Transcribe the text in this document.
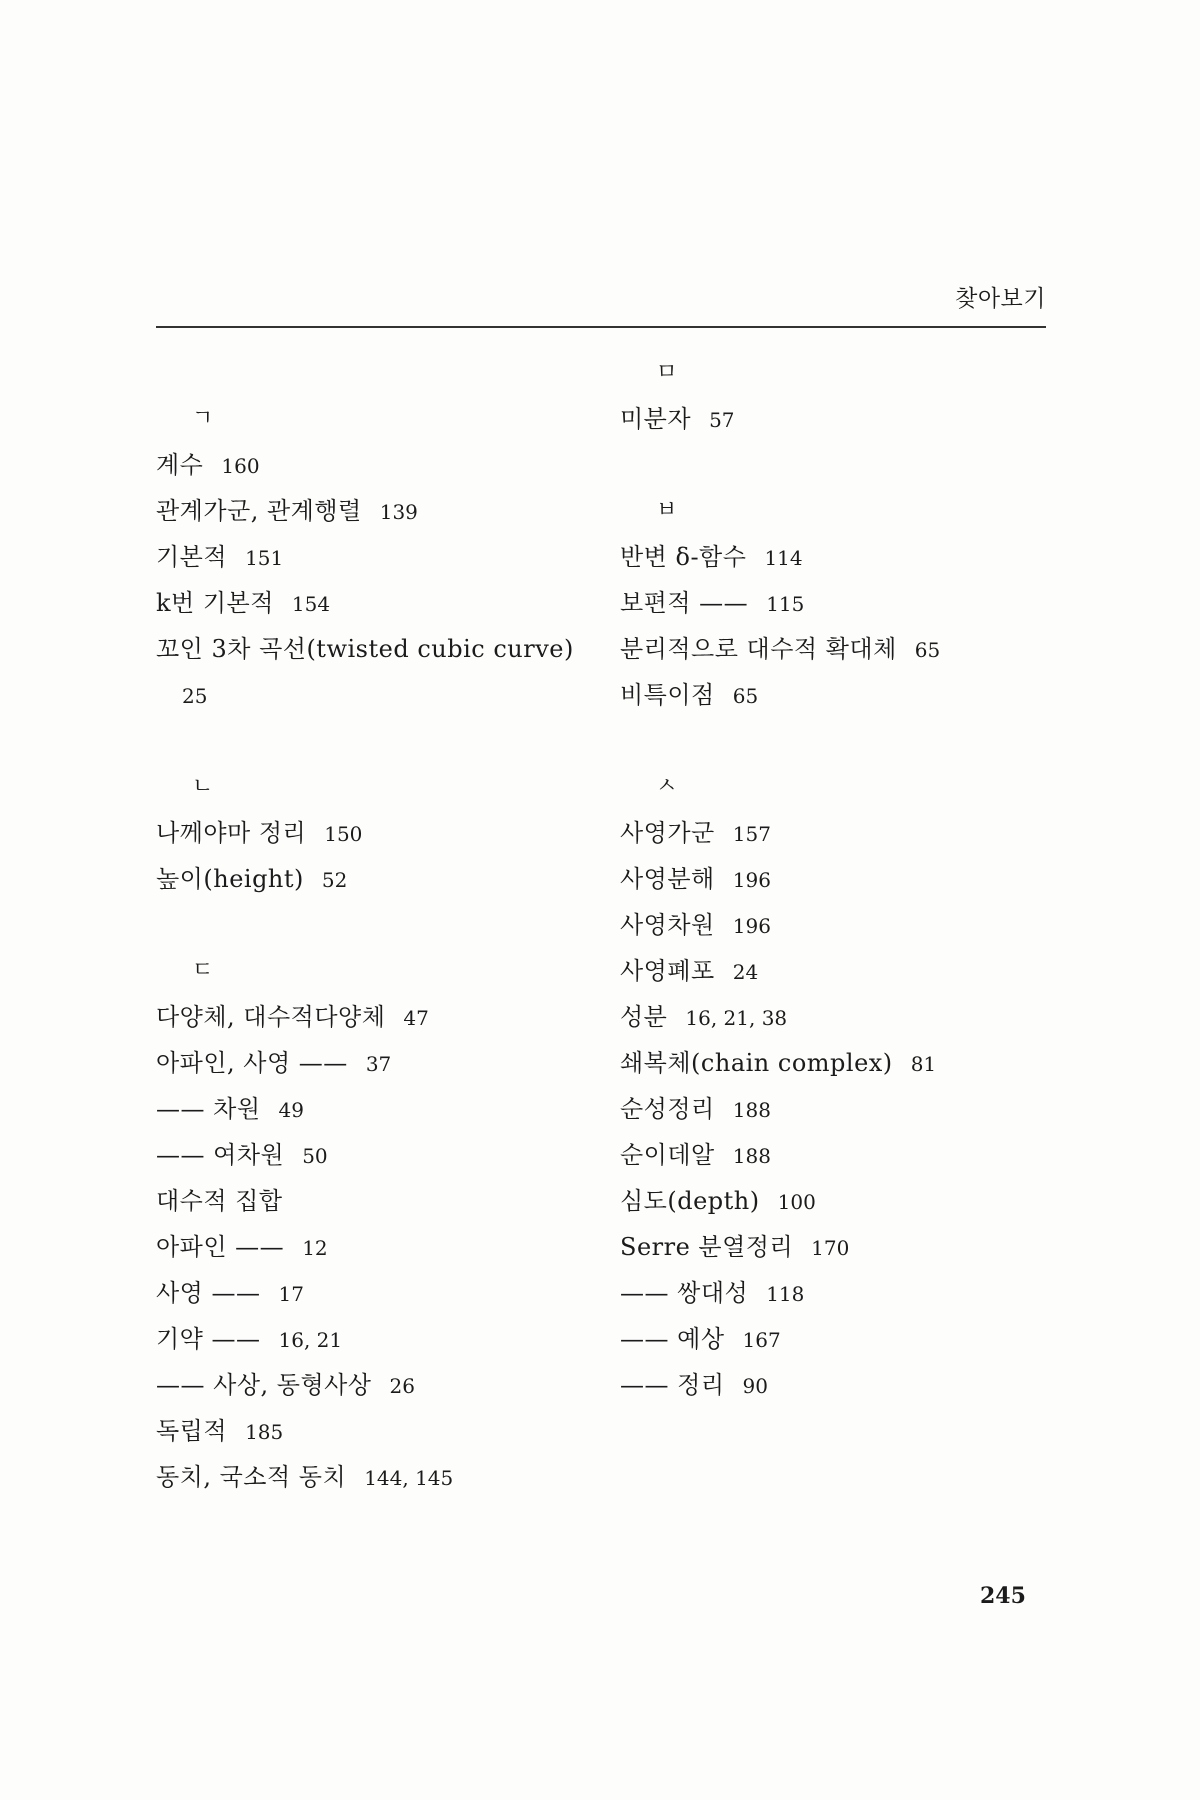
찾아보기
ㄱ
계수 160
관계가군, 관계행렬 139
기본적 151
k번 기본적 154
꼬인 3차 곡선(twisted cubic curve)
25
ㄴ
나께야마 정리 150
높이(height) 52
ㄷ
다양체, 대수적다양체 47
아파인, 사영 —— 37
—— 차원 49
—— 여차원 50
대수적 집합
아파인 —— 12
사영 —— 17
기약 —— 16, 21
—— 사상, 동형사상 26
독립적 185
동치, 국소적 동치 144, 145
ㅁ
미분자 57
ㅂ
반변 δ-함수 114
보편적 —— 115
분리적으로 대수적 확대체 65
비특이점 65
ㅅ
사영가군 157
사영분해 196
사영차원 196
사영폐포 24
성분 16, 21, 38
쇄복체(chain complex) 81
순성정리 188
순이데알 188
심도(depth) 100
Serre 분열정리 170
—— 쌍대성 118
—— 예상 167
—— 정리 90
245
